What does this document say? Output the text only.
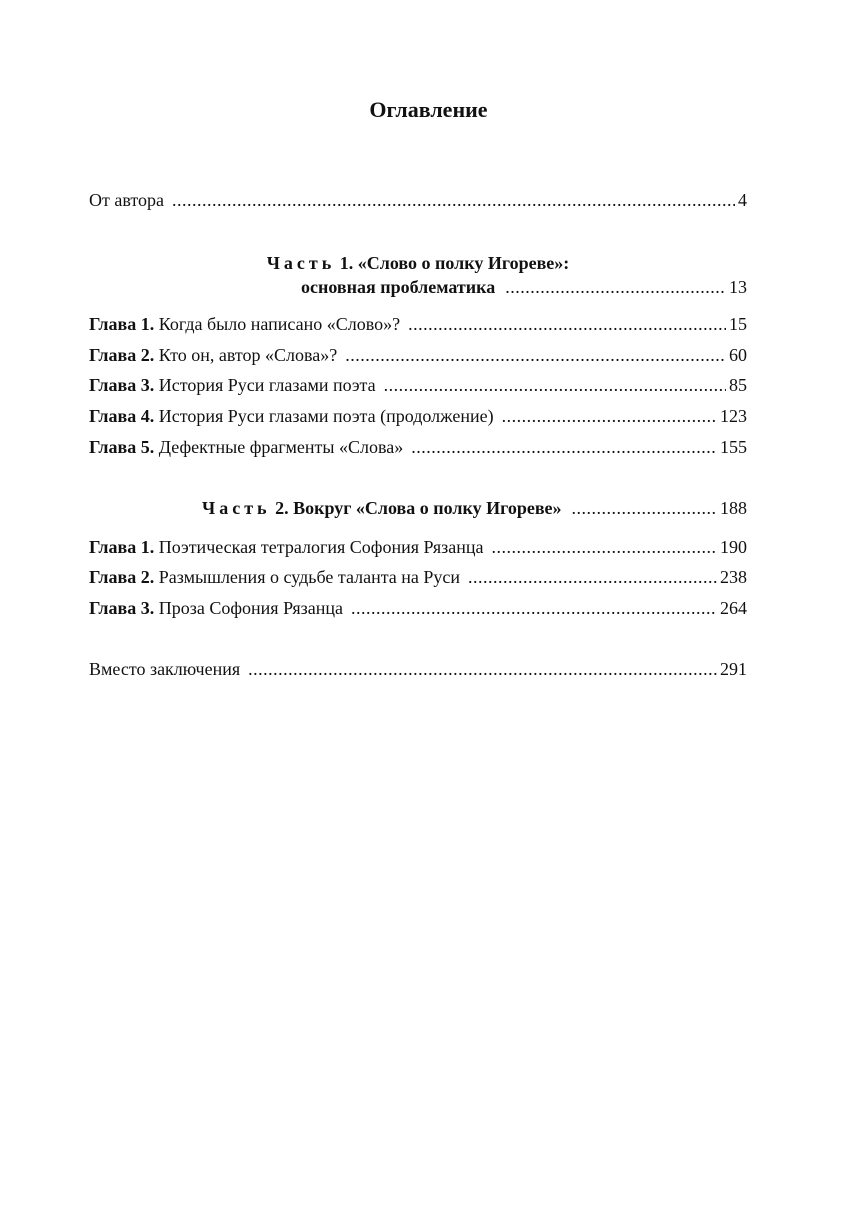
Оглавление
От автора .....	4
Часть 1. «Слово о полку Игореве»:
основная проблематика .....	13
Глава 1. Когда было написано «Слово»? .....	15
Глава 2. Кто он, автор «Слова»? .....	60
Глава 3. История Руси глазами поэта .....	85
Глава 4. История Руси глазами поэта (продолжение) .....	123
Глава 5. Дефектные фрагменты «Слова» .....	155
Часть 2. Вокруг «Слова о полку Игореве» .....	188
Глава 1. Поэтическая тетралогия Софония Рязанца .....	190
Глава 2. Размышления о судьбе таланта на Руси .....	238
Глава 3. Проза Софония Рязанца .....	264
Вместо заключения .....	291
